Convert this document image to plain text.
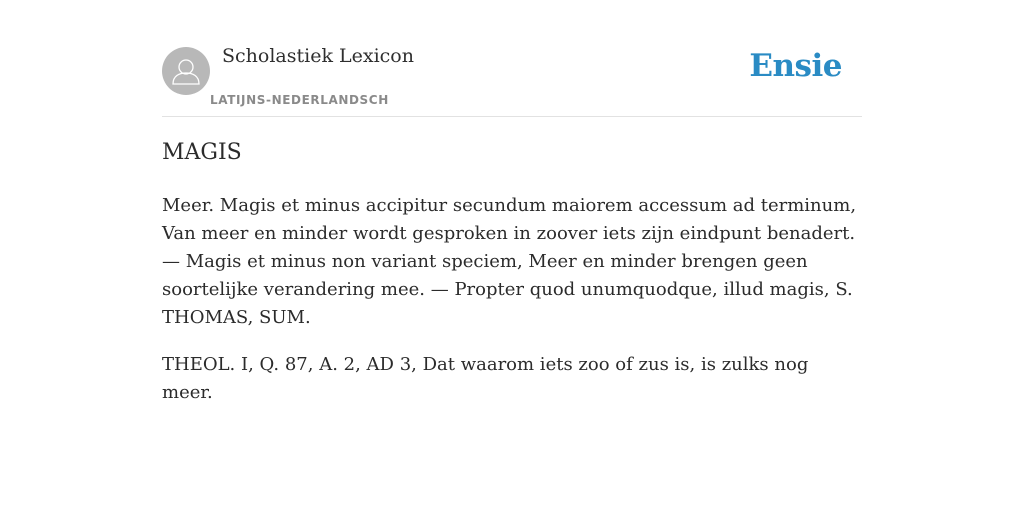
Scholastiek Lexicon
LATIJNS-NEDERLANDSCH
Ensie
MAGIS

Meer. Magis et minus accipitur secundum maiorem accessum ad terminum, Van meer en minder wordt gesproken in zoover iets zijn eindpunt benadert. — Magis et minus non variant speciem, Meer en minder brengen geen soortelijke verandering mee. — Propter quod unumquodque, illud magis, S. THOMAS, SUM.

THEOL. I, Q. 87, A. 2, AD 3, Dat waarom iets zoo of zus is, is zulks nog meer.
